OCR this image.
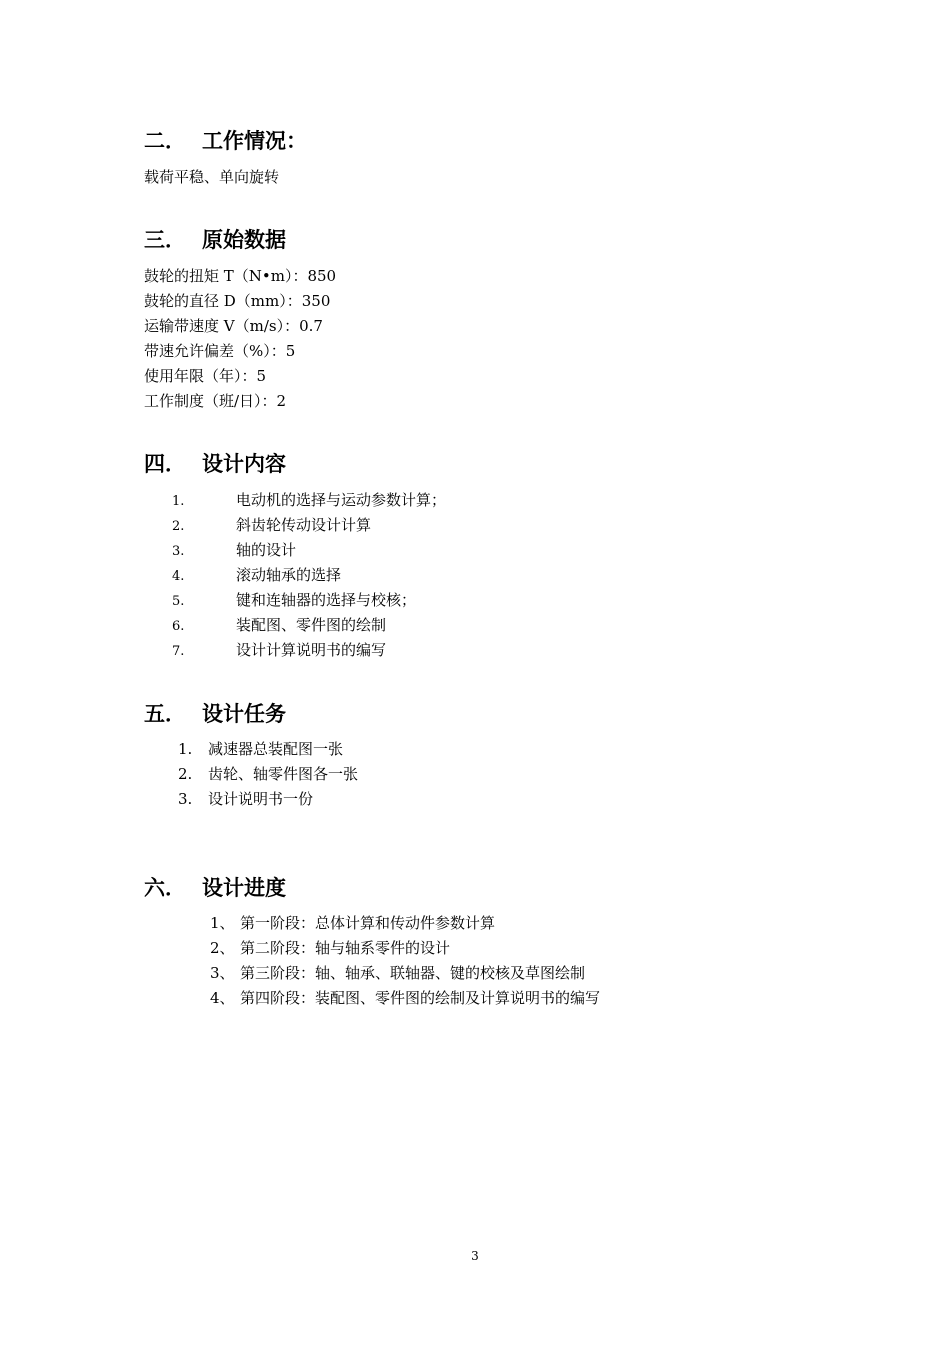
二． 工作情况：
载荷平稳、单向旋转
三． 原始数据
鼓轮的扭矩 T（N•m）：850
鼓轮的直径 D（mm）：350
运输带速度 V（m/s）：0.7
带速允许偏差（%）：5
使用年限（年）：5
工作制度（班/日）：2
四． 设计内容
1.	电动机的选择与运动参数计算；
2.	斜齿轮传动设计计算
3.	轴的设计
4.	滚动轴承的选择
5.	键和连轴器的选择与校核；
6.	装配图、零件图的绘制
7.	设计计算说明书的编写
五． 设计任务
1. 减速器总装配图一张
2. 齿轮、轴零件图各一张
3. 设计说明书一份
六． 设计进度
1、 第一阶段：总体计算和传动件参数计算
2、 第二阶段：轴与轴系零件的设计
3、 第三阶段：轴、轴承、联轴器、键的校核及草图绘制
4、 第四阶段：装配图、零件图的绘制及计算说明书的编写
3
